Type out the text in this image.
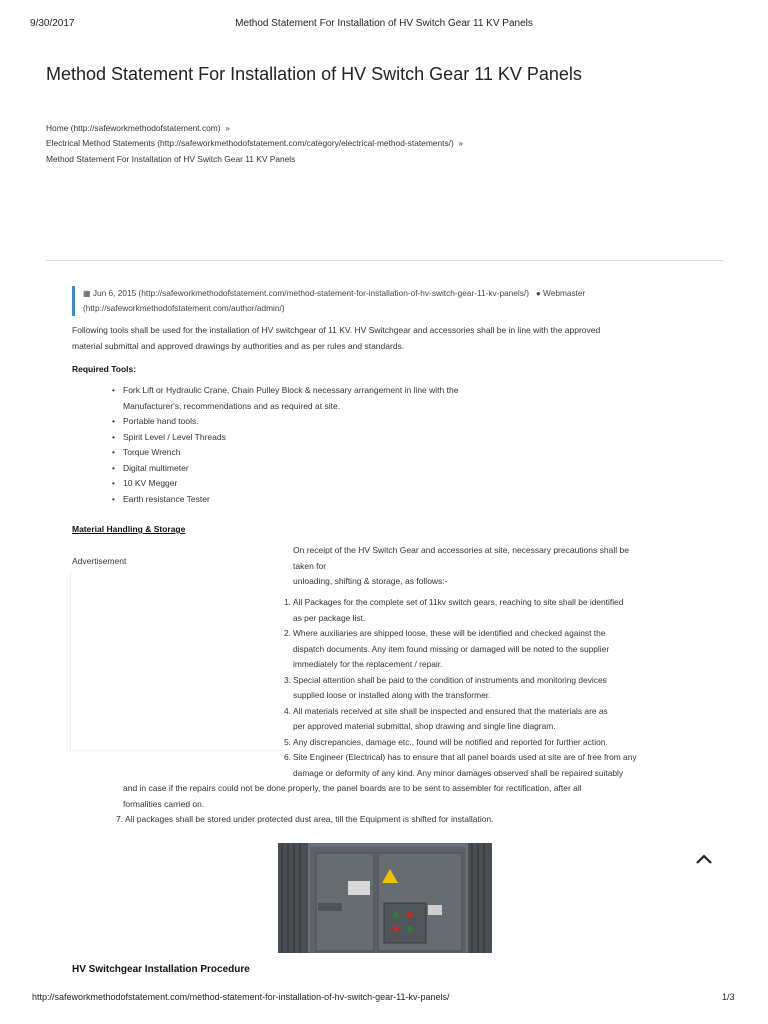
9/30/2017	Method Statement For Installation of HV Switch Gear 11 KV Panels
Method Statement For Installation of HV Switch Gear 11 KV Panels
Home (http://safeworkmethodofstatement.com) »
Electrical Method Statements (http://safeworkmethodofstatement.com/category/electrical-method-statements/) »
Method Statement For Installation of HV Switch Gear 11 KV Panels
▦ Jun 6, 2015 (http://safeworkmethodofstatement.com/method-statement-for-installation-of-hv-switch-gear-11-kv-panels/) ● Webmaster
(http://safeworkmethodofstatement.com/author/admin/)
Following tools shall be used for the installation of HV switchgear of 11 KV. HV Switchgear and accessories shall be in line with the approved
material submittal and approved drawings by authorities and as per rules and standards.
Required Tools:
• Fork Lift or Hydraulic Crane, Chain Pulley Block & necessary arrangement in line with the
Manufacturer's, recommendations and as required at site.
• Portable hand tools.
• Spirit Level / Level Threads
• Torque Wrench
• Digital multimeter
• 10 KV Megger
• Earth resistance Tester
Material Handling & Storage
Advertisement
On receipt of the HV Switch Gear and accessories at site, necessary precautions shall be
taken for
unloading, shifting & storage, as follows:-
1. All Packages for the complete set of 11kv switch gears, reaching to site shall be identified
as per package list.
2. Where auxiliaries are shipped loose, these will be identified and checked against the
dispatch documents. Any item found missing or damaged will be noted to the supplier
immediately for the replacement / repair.
3. Special attention shall be paid to the condition of instruments and monitoring devices
supplied loose or installed along with the transformer.
4. All materials received at site shall be inspected and ensured that the materials are as
per approved material submittal, shop drawing and single line diagram.
5. Any discrepancies, damage etc., found will be notified and reported for further action.
6. Site Engineer (Electrical) has to ensure that all panel boards used at site are of free from any
damage or deformity of any kind. Any minor damages observed shall be repaired suitably
and in case if the repairs could not be done properly, the panel boards are to be sent to assembler for rectification, after all
formalities carried on.
7. All packages shall be stored under protected dust area, till the Equipment is shifted for installation.
HV Switchgear Installation Procedure
http://safeworkmethodofstatement.com/method-statement-for-installation-of-hv-switch-gear-11-kv-panels/	1/3
